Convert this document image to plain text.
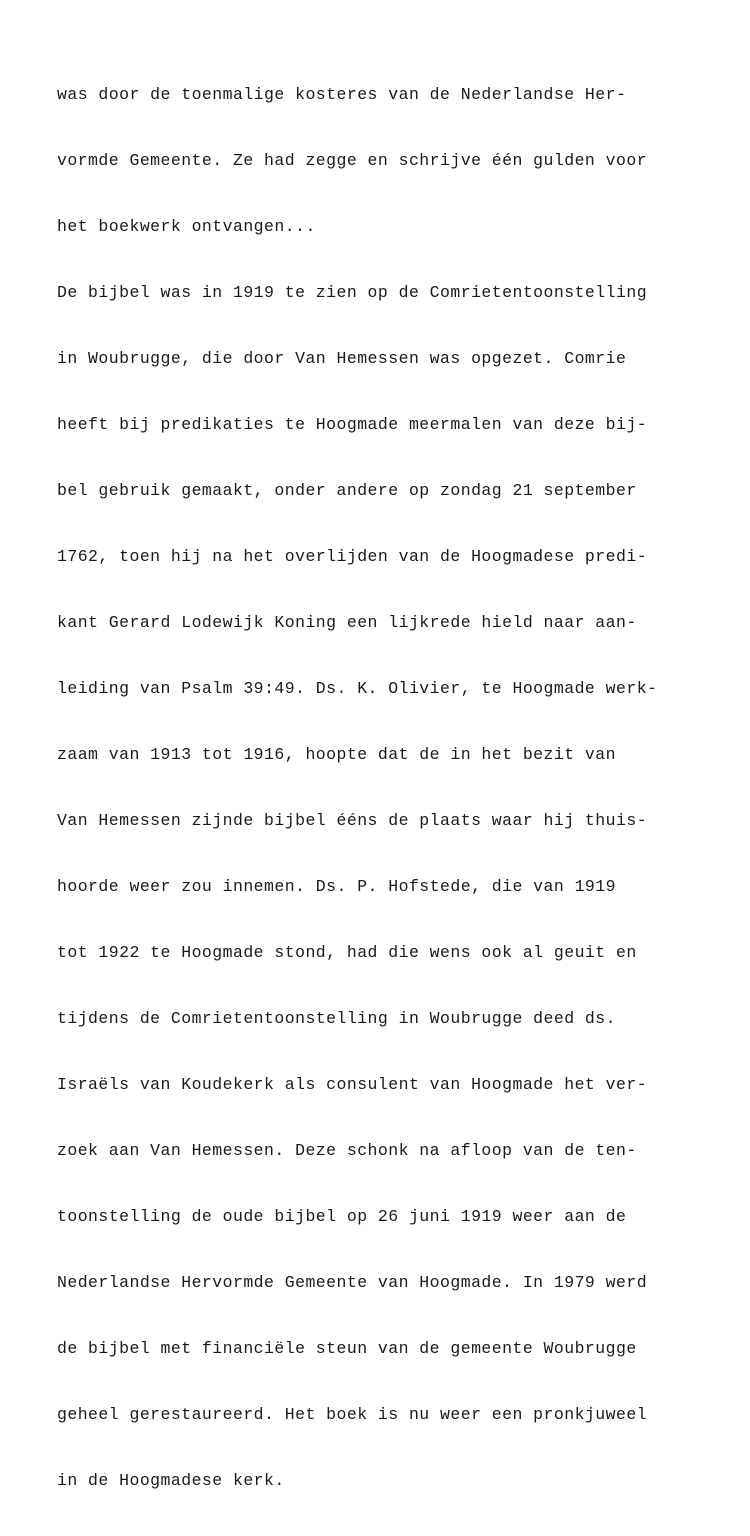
was door de toenmalige kosteres van de Nederlandse Her-

vormde Gemeente. Ze had zegge en schrijve één gulden voor

het boekwerk ontvangen...

De bijbel was in 1919 te zien op de Comrietentoonstelling

in Woubrugge, die door Van Hemessen was opgezet. Comrie

heeft bij predikaties te Hoogmade meermalen van deze bij-

bel gebruik gemaakt, onder andere op zondag 21 september

1762, toen hij na het overlijden van de Hoogmadese predi-

kant Gerard Lodewijk Koning een lijkrede hield naar aan-

leiding van Psalm 39:49. Ds. K. Olivier, te Hoogmade werk-

zaam van 1913 tot 1916, hoopte dat de in het bezit van

Van Hemessen zijnde bijbel ééns de plaats waar hij thuis-

hoorde weer zou innemen. Ds. P. Hofstede, die van 1919

tot 1922 te Hoogmade stond, had die wens ook al geuit en

tijdens de Comrietentoonstelling in Woubrugge deed ds.

Israëls van Koudekerk als consulent van Hoogmade het ver-

zoek aan Van Hemessen. Deze schonk na afloop van de ten-

toonstelling de oude bijbel op 26 juni 1919 weer aan de

Nederlandse Hervormde Gemeente van Hoogmade. In 1979 werd

de bijbel met financiële steun van de gemeente Woubrugge

geheel gerestaureerd. Het boek is nu weer een pronkjuweel

in de Hoogmadese kerk.
